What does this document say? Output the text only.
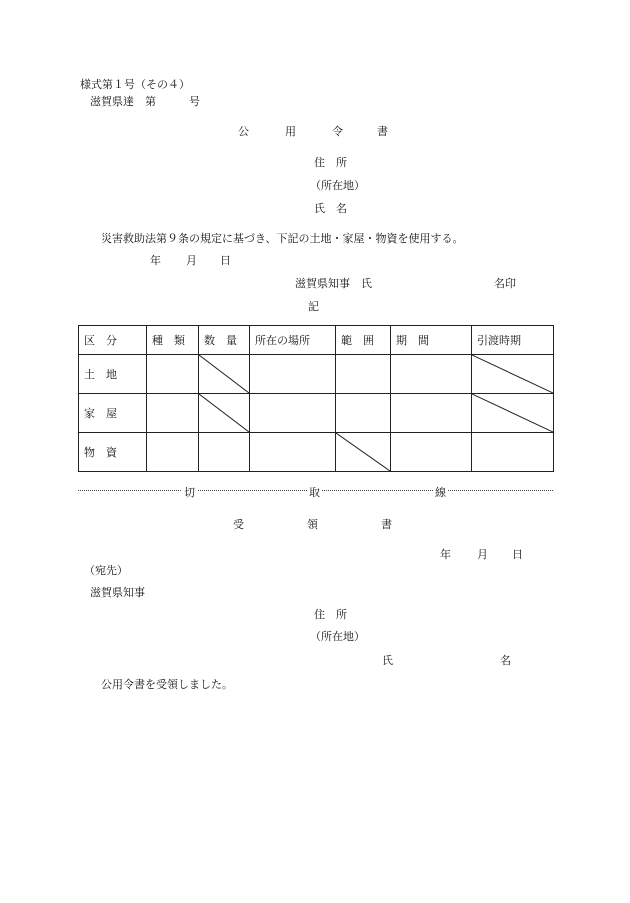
様式第１号（その４）
滋賀県達　第　　　号
公	用	令	書
住　所
（所在地）
氏　名
災害救助法第９条の規定に基づき、下記の土地・家屋・物資を使用する。
年 月 日
滋賀県知事　氏	名印
記
区　分	種　類	数　量	所在の場所	範　囲	期　間	引渡時期
土　地		

家　屋		

物　資				

切	取	線
受	領	書
年 月 日
（宛先）
滋賀県知事
住　所
（所在地）
氏	名
公用令書を受領しました。
